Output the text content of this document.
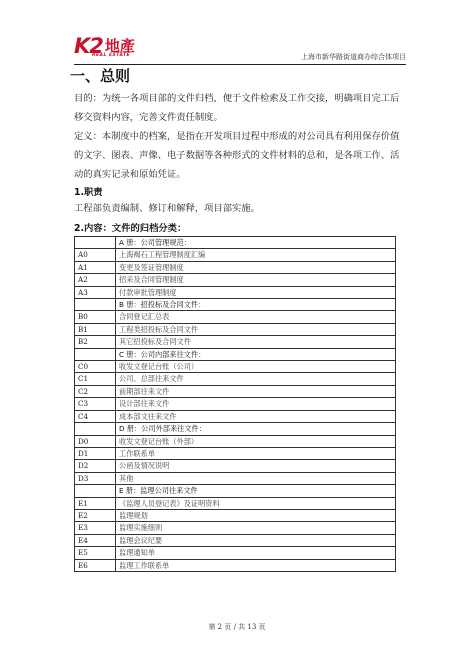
K2 地產
REAL ESTATE	上海市新华路街道商办综合体项目
一、总则
目的：为统一各项目部的文件归档，便于文件检索及工作交接，明确项目完工后
移交资料内容，完善文件责任制度。
定义：本制度中的档案，是指在开发项目过程中形成的对公司具有利用保存价值
的文字、图表、声像、电子数据等各种形式的文件材料的总和，是各项工作、活
动的真实记录和原始凭证。
1.职责
工程部负责编制、修订和解释，项目部实施。
2.内容：文件的归档分类：
	A 册：公司管理规范：
A0	上海褐石工程管理制度汇编
A1	变更及签证管理制度
A2	招采及合同管理制度
A3	付款审批管理制度
	B 册：招投标及合同文件：
B0	合同登记汇总表
B1	工程类招投标及合同文件
B2	其它招投标及合同文件
	C 册：公司内部来往文件：
C0	收发文登记台账（公司）
C1	公司、总部往来文件
C2	前期部往来文件
C3	设计部往来文件
C4	成本部文往来文件
	D 册：公司外部来往文件：
D0	收发文登记台账（外部）
D1	工作联系单
D2	公函及情况说明
D3	其他
	E 册：监理公司往来文件
E1	《监理人员登记表》及证明资料
E2	监理规划
E3	监理实施细则
E4	监理会议纪要
E5	监理通知单
E6	监理工作联系单
第 2 页 / 共 13 页
